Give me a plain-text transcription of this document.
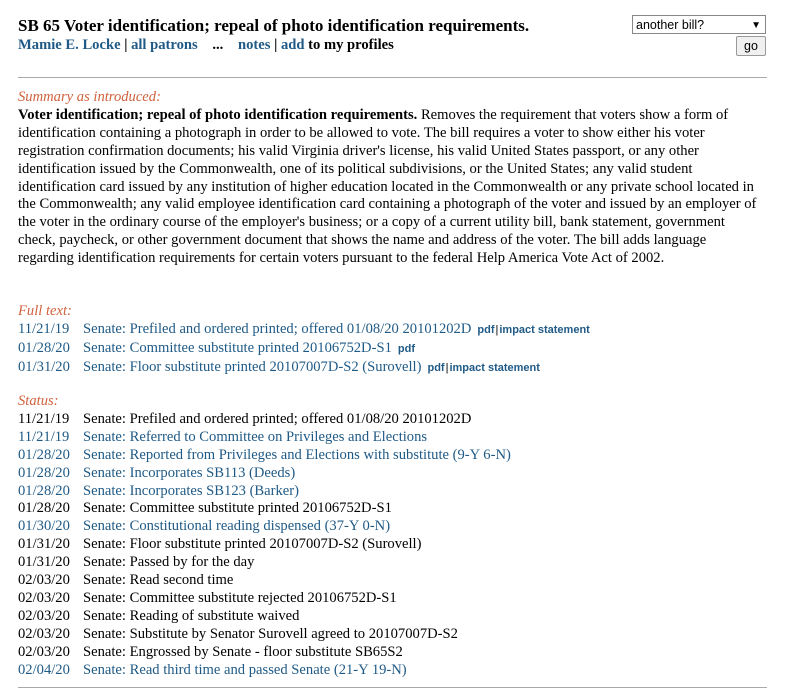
SB 65 Voter identification; repeal of photo identification requirements.
Mamie E. Locke | all patrons ... notes | add to my profiles
another bill?	▼
go
Summary as introduced:

Voter identification; repeal of photo identification requirements. Removes the requirement that voters show a form of identification containing a photograph in order to be allowed to vote. The bill requires a voter to show either his voter registration confirmation documents; his valid Virginia driver's license, his valid United States passport, or any other identification issued by the Commonwealth, one of its political subdivisions, or the United States; any valid student identification card issued by any institution of higher education located in the Commonwealth or any private school located in the Commonwealth; any valid employee identification card containing a photograph of the voter and issued by an employer of the voter in the ordinary course of the employer's business; or a copy of a current utility bill, bank statement, government check, paycheck, or other government document that shows the name and address of the voter. The bill adds language regarding identification requirements for certain voters pursuant to the federal Help America Vote Act of 2002.

Full text:
11/21/19 Senate: Prefiled and ordered printed; offered 01/08/20 20101202D pdf|impact statement
01/28/20 Senate: Committee substitute printed 20106752D-S1 pdf
01/31/20 Senate: Floor substitute printed 20107007D-S2 (Surovell) pdf|impact statement
Status:
11/21/19 Senate: Prefiled and ordered printed; offered 01/08/20 20101202D
11/21/19 Senate: Referred to Committee on Privileges and Elections
01/28/20 Senate: Reported from Privileges and Elections with substitute (9-Y 6-N)
01/28/20 Senate: Incorporates SB113 (Deeds)
01/28/20 Senate: Incorporates SB123 (Barker)
01/28/20 Senate: Committee substitute printed 20106752D-S1
01/30/20 Senate: Constitutional reading dispensed (37-Y 0-N)
01/31/20 Senate: Floor substitute printed 20107007D-S2 (Surovell)
01/31/20 Senate: Passed by for the day
02/03/20 Senate: Read second time
02/03/20 Senate: Committee substitute rejected 20106752D-S1
02/03/20 Senate: Reading of substitute waived
02/03/20 Senate: Substitute by Senator Surovell agreed to 20107007D-S2
02/03/20 Senate: Engrossed by Senate - floor substitute SB65S2
02/04/20 Senate: Read third time and passed Senate (21-Y 19-N)
